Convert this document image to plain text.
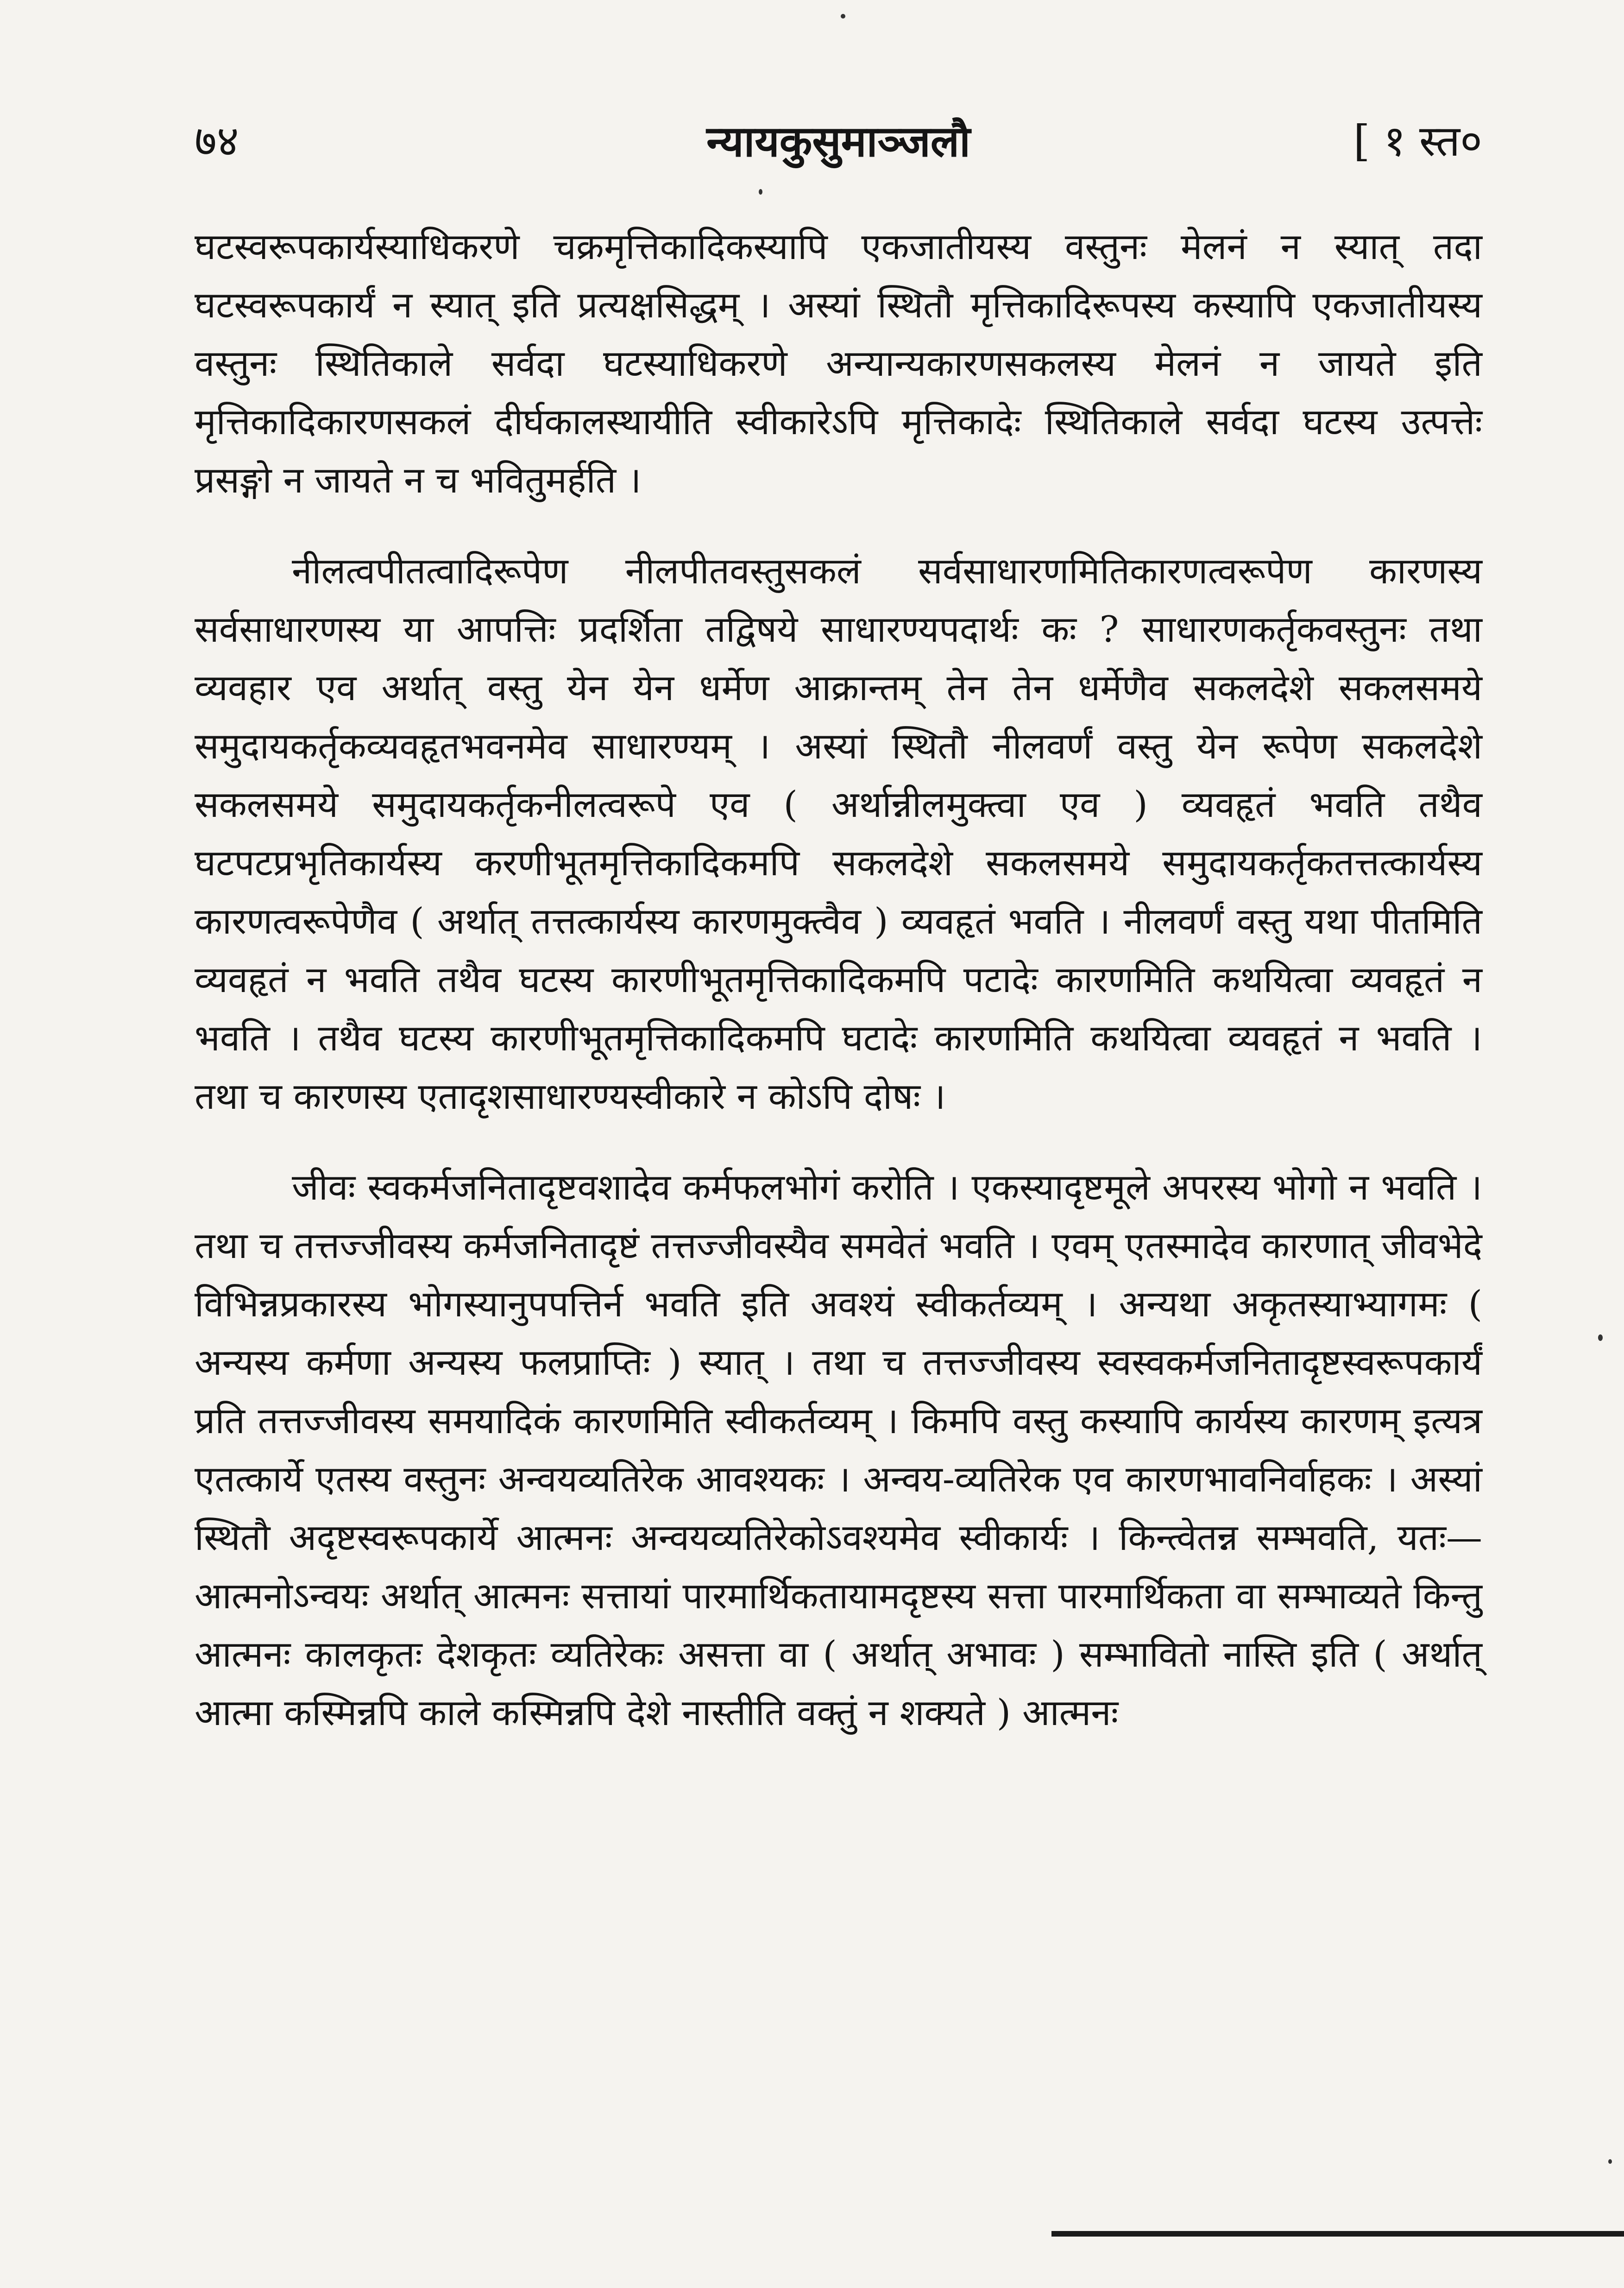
७४	न्यायकुसुमाञ्जलौ	[ १ स्त०

घटस्वरूपकार्यस्याधिकरणे चक्रमृत्तिकादिकस्यापि एकजातीयस्य वस्तुनः मेलनं न स्यात् तदा घटस्वरूपकार्यं न स्यात् इति प्रत्यक्षसिद्धम् । अस्यां स्थितौ मृत्तिकादिरूपस्य कस्यापि एकजातीयस्य वस्तुनः स्थितिकाले सर्वदा घटस्याधिकरणे अन्यान्यकारणसकलस्य मेलनं न जायते इति मृत्तिकादिकारणसकलं दीर्घकालस्थायीति स्वीकारेऽपि मृत्तिकादेः स्थितिकाले सर्वदा घटस्य उत्पत्तेः प्रसङ्गो न जायते न च भवितुमर्हति ।

नीलत्वपीतत्वादिरूपेण नीलपीतवस्तुसकलं सर्वसाधारणमितिकारणत्वरूपेण कारणस्य सर्वसाधारणस्य या आपत्तिः प्रदर्शिता तद्विषये साधारण्यपदार्थः कः ? साधारणकर्तृकवस्तुनः तथा व्यवहार एव अर्थात् वस्तु येन येन धर्मेण आक्रान्तम् तेन तेन धर्मेणैव सकलदेशे सकलसमये समुदायकर्तृकव्यवहृतभवनमेव साधारण्यम् । अस्यां स्थितौ नीलवर्णं वस्तु येन रूपेण सकलदेशे सकलसमये समुदायकर्तृकनीलत्वरूपे एव ( अर्थान्नीलमुक्त्वा एव ) व्यवहृतं भवति तथैव घटपटप्रभृतिकार्यस्य करणीभूतमृत्तिकादिकमपि सकलदेशे सकलसमये समुदायकर्तृकतत्तत्कार्यस्य कारणत्वरूपेणैव ( अर्थात् तत्तत्कार्यस्य कारणमुक्त्वैव ) व्यवहृतं भवति । नीलवर्णं वस्तु यथा पीतमिति व्यवहृतं न भवति तथैव घटस्य कारणीभूतमृत्तिकादिकमपि पटादेः कारणमिति कथयित्वा व्यवहृतं न भवति । तथैव घटस्य कारणीभूतमृत्तिकादिकमपि घटादेः कारणमिति कथयित्वा व्यवहृतं न भवति । तथा च कारणस्य एतादृशसाधारण्यस्वीकारे न कोऽपि दोषः ।

जीवः स्वकर्मजनितादृष्टवशादेव कर्मफलभोगं करोति । एकस्यादृष्टमूले अपरस्य भोगो न भवति । तथा च तत्तज्जीवस्य कर्मजनितादृष्टं तत्तज्जीवस्यैव समवेतं भवति । एवम् एतस्मादेव कारणात् जीवभेदे विभिन्नप्रकारस्य भोगस्यानुपपत्तिर्न भवति इति अवश्यं स्वीकर्तव्यम् । अन्यथा अकृतस्याभ्यागमः ( अन्यस्य कर्मणा अन्यस्य फलप्राप्तिः ) स्यात् । तथा च तत्तज्जीवस्य स्वस्वकर्मजनितादृष्टस्वरूपकार्यं प्रति तत्तज्जीवस्य समयादिकं कारणमिति स्वीकर्तव्यम् । किमपि वस्तु कस्यापि कार्यस्य कारणम् इत्यत्र एतत्कार्ये एतस्य वस्तुनः अन्वयव्यतिरेक आवश्यकः । अन्वय-व्यतिरेक एव कारणभावनिर्वाहकः । अस्यां स्थितौ अदृष्टस्वरूपकार्ये आत्मनः अन्वयव्यतिरेकोऽवश्यमेव स्वीकार्यः । किन्त्वेतन्न सम्भवति, यतः—आत्मनोऽन्वयः अर्थात् आत्मनः सत्तायां पारमार्थिकतायामदृष्टस्य सत्ता पारमार्थिकता वा सम्भाव्यते किन्तु आत्मनः कालकृतः देशकृतः व्यतिरेकः असत्ता वा ( अर्थात् अभावः ) सम्भावितो नास्ति इति ( अर्थात् आत्मा कस्मिन्नपि काले कस्मिन्नपि देशे नास्तीति वक्तुं न शक्यते ) आत्मनः
